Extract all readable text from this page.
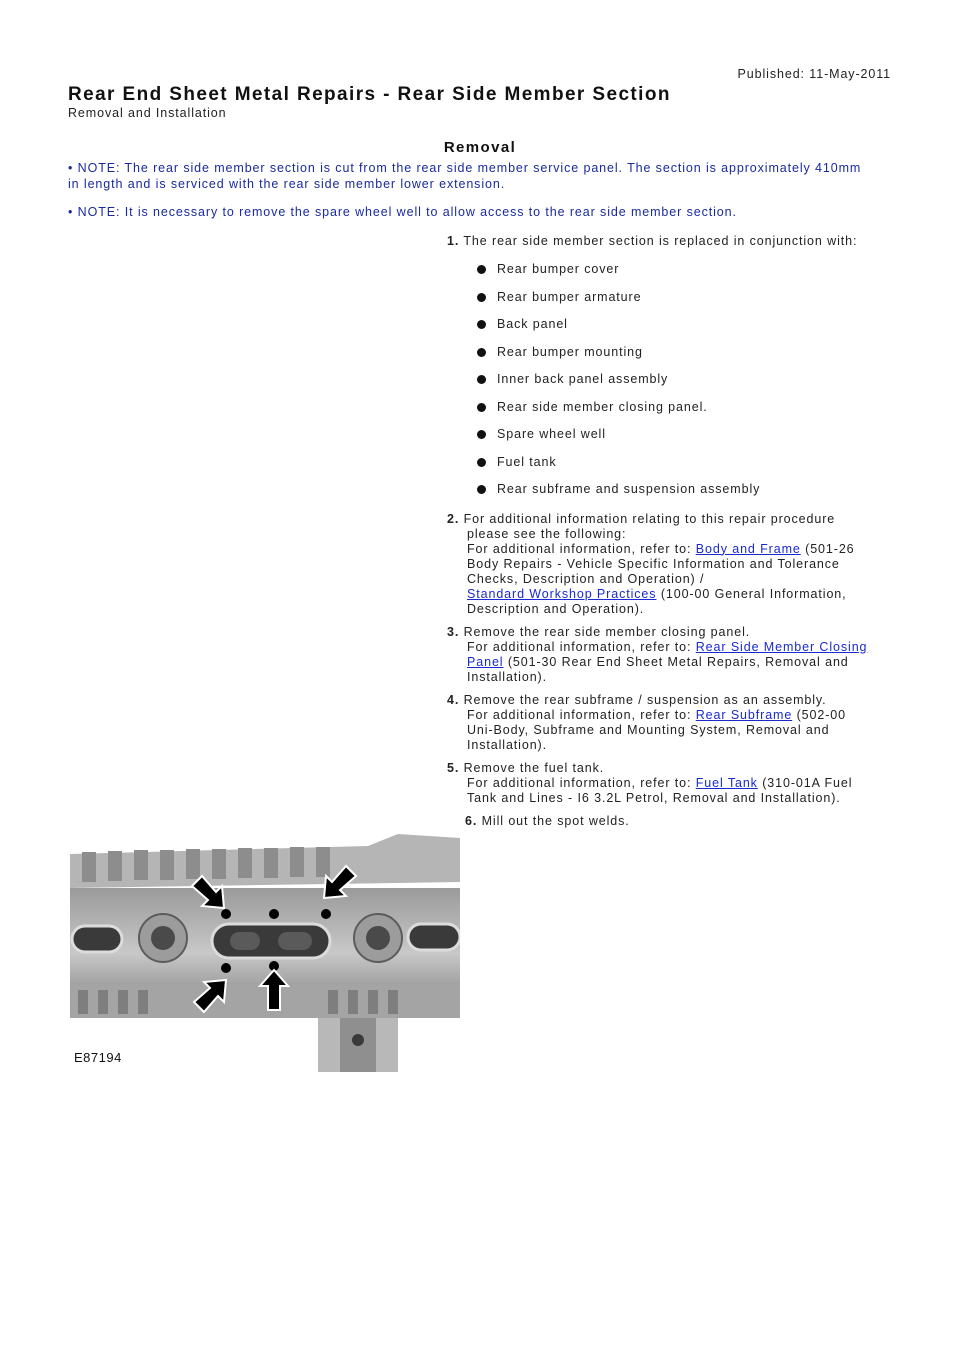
Published: 11-May-2011
Rear End Sheet Metal Repairs - Rear Side Member Section
Removal and Installation
Removal
• NOTE: The rear side member section is cut from the rear side member service panel. The section is approximately 410mm in length and is serviced with the rear side member lower extension.
• NOTE: It is necessary to remove the spare wheel well to allow access to the rear side member section.
1. The rear side member section is replaced in conjunction with:
Rear bumper cover
Rear bumper armature
Back panel
Rear bumper mounting
Inner back panel assembly
Rear side member closing panel.
Spare wheel well
Fuel tank
Rear subframe and suspension assembly
2. For additional information relating to this repair procedure
please see the following:
For additional information, refer to: Body and Frame (501-26
Body Repairs - Vehicle Specific Information and Tolerance
Checks, Description and Operation) /
Standard Workshop Practices (100-00 General Information,
Description and Operation).
3. Remove the rear side member closing panel.
For additional information, refer to: Rear Side Member Closing
Panel (501-30 Rear End Sheet Metal Repairs, Removal and
Installation).
4. Remove the rear subframe / suspension as an assembly.
For additional information, refer to: Rear Subframe (502-00
Uni-Body, Subframe and Mounting System, Removal and
Installation).
5. Remove the fuel tank.
For additional information, refer to: Fuel Tank (310-01A Fuel
Tank and Lines - I6 3.2L Petrol, Removal and Installation).
6. Mill out the spot welds.
E87194
